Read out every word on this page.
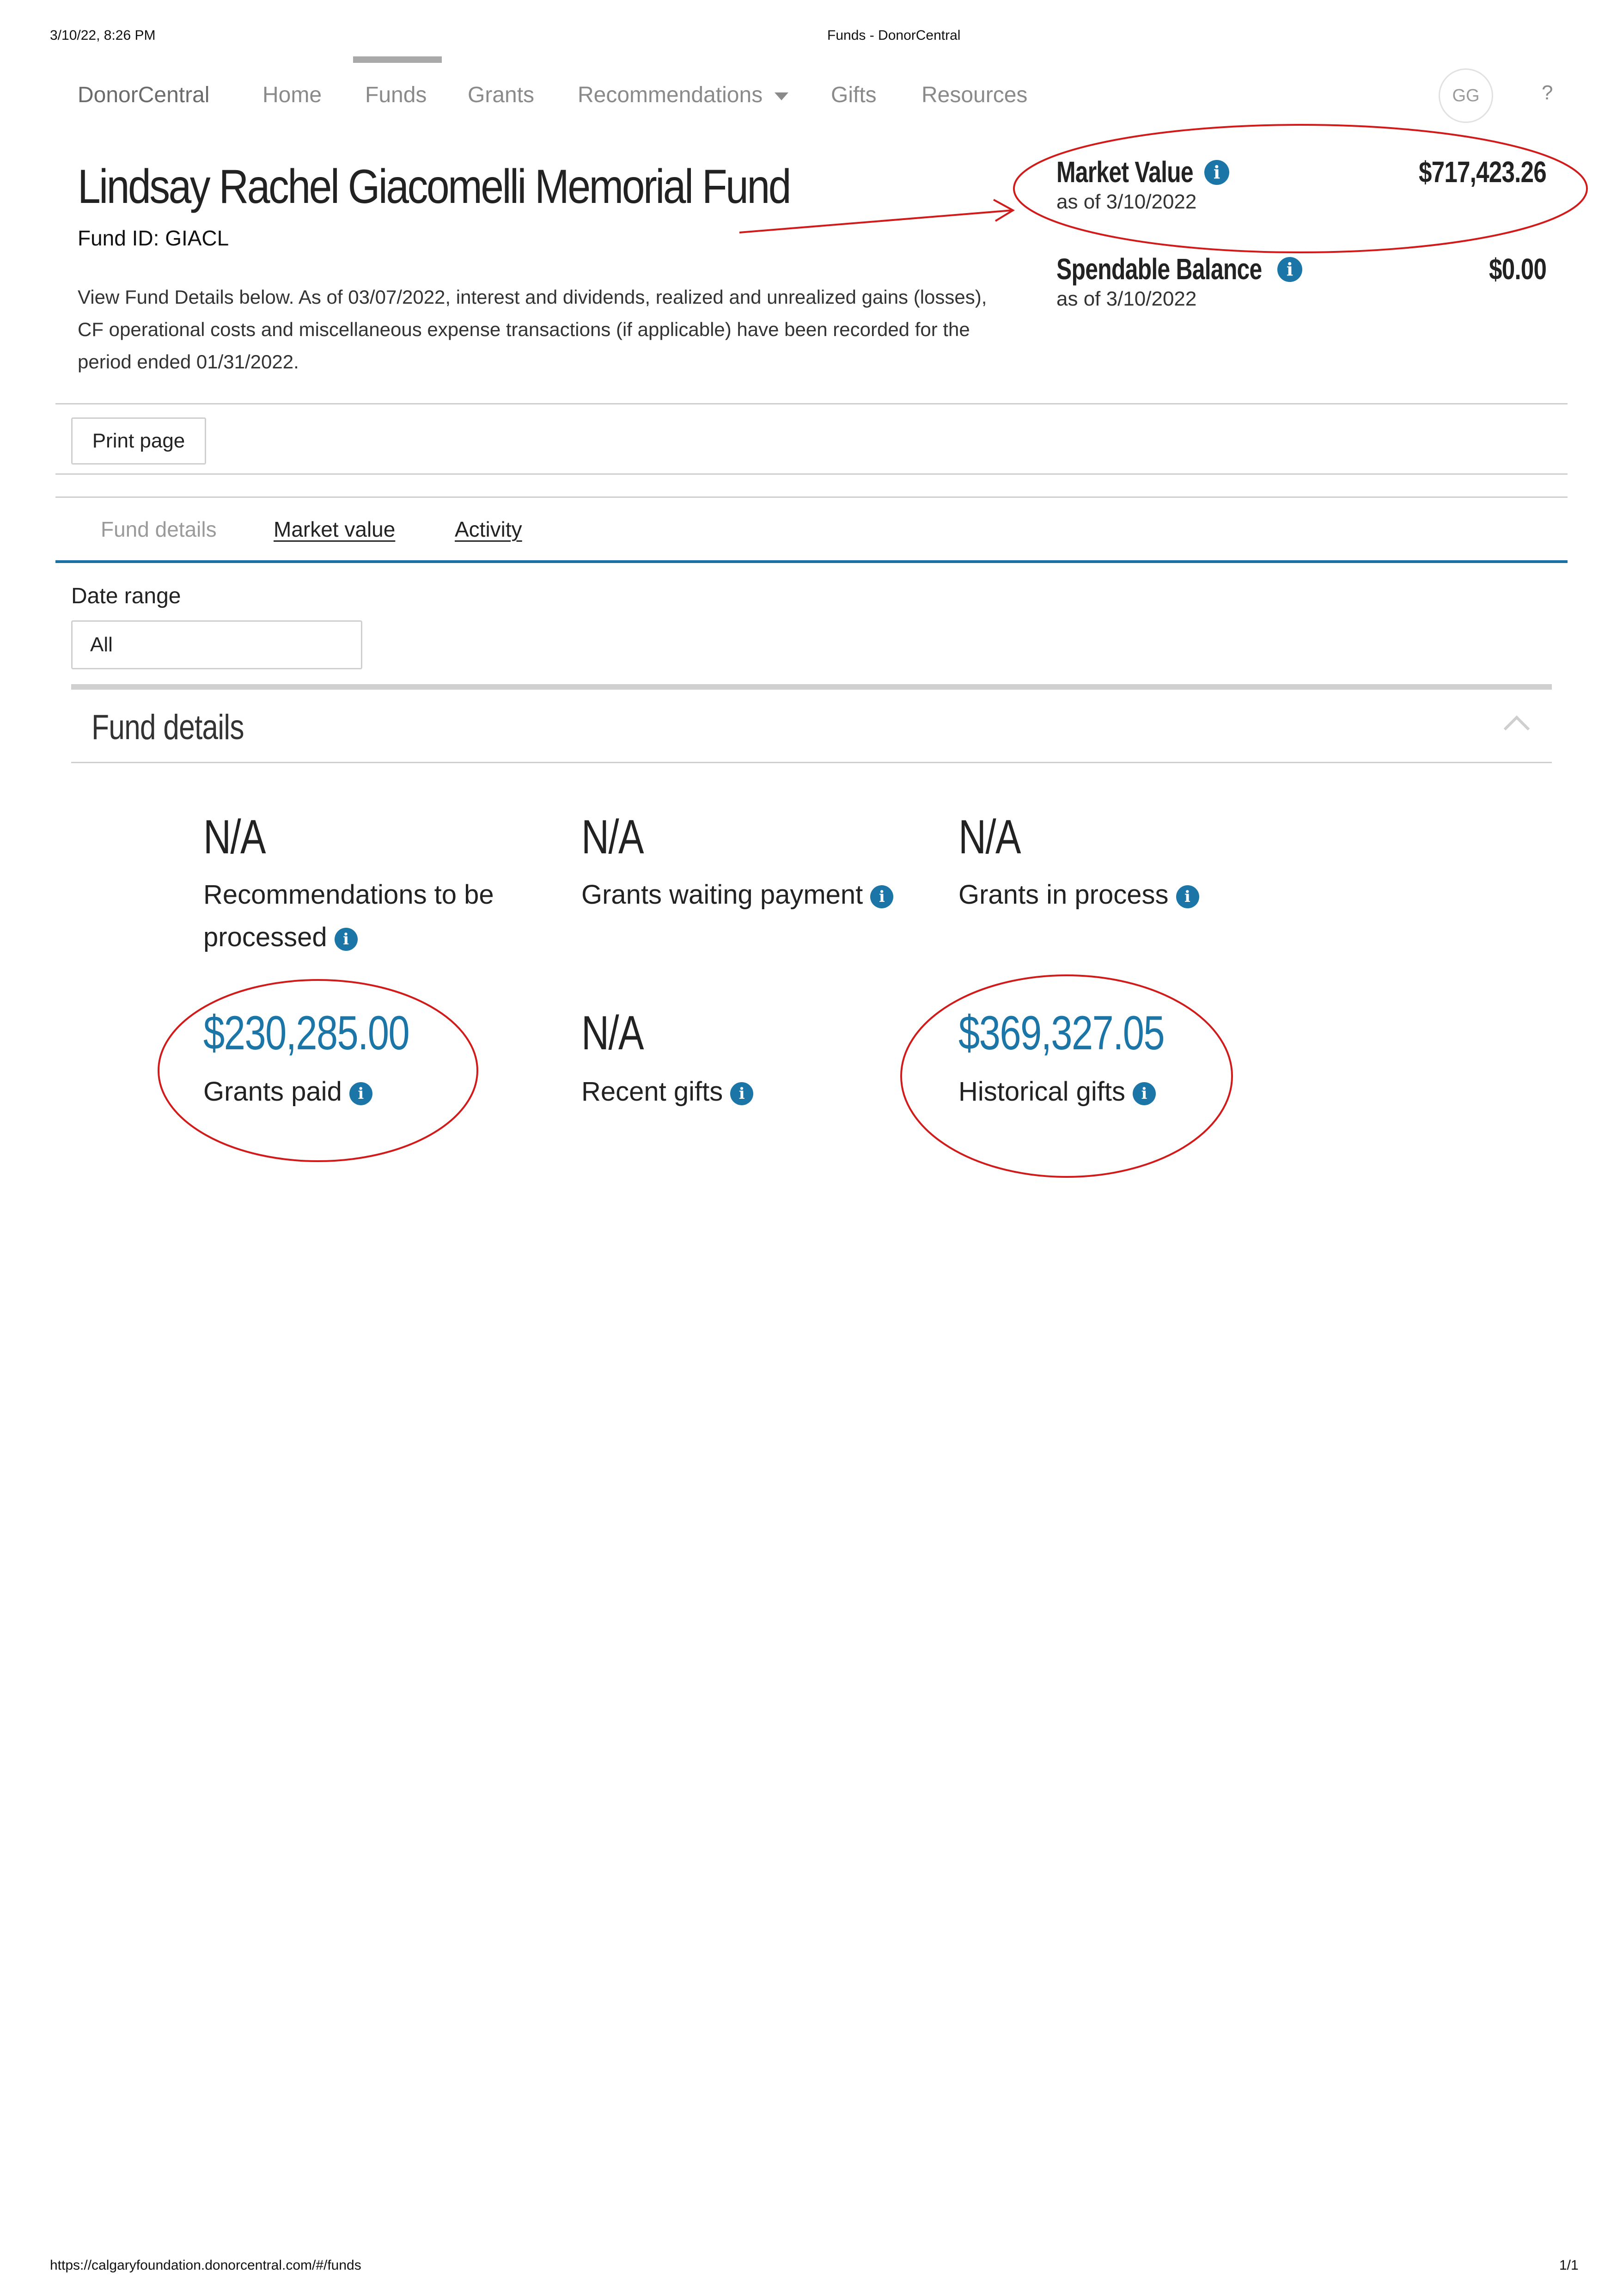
3/10/22, 8:26 PM	Funds - DonorCentral
DonorCentral Home Funds Grants Recommendations	Gifts Resources	GG	?
Lindsay Rachel Giacomelli Memorial Fund
Fund ID: GIACL
View Fund Details below. As of 03/07/2022, interest and dividends, realized and unrealized gains (losses), CF operational costs and miscellaneous expense transactions (if applicable) have been recorded for the period ended 01/31/2022.
Market Value	i
as of 3/10/2022
$717,423.26
Spendable Balance	i
as of 3/10/2022
$0.00
Print page
Fund details	Market value	Activity
Date range
All
Fund details
N/A
Recommendations to be processed i
N/A
Grants waiting payment i
N/A
Grants in process i
$230,285.00
Grants paid i
N/A
Recent gifts i
$369,327.05
Historical gifts i
https://calgaryfoundation.donorcentral.com/#/funds	1/1
